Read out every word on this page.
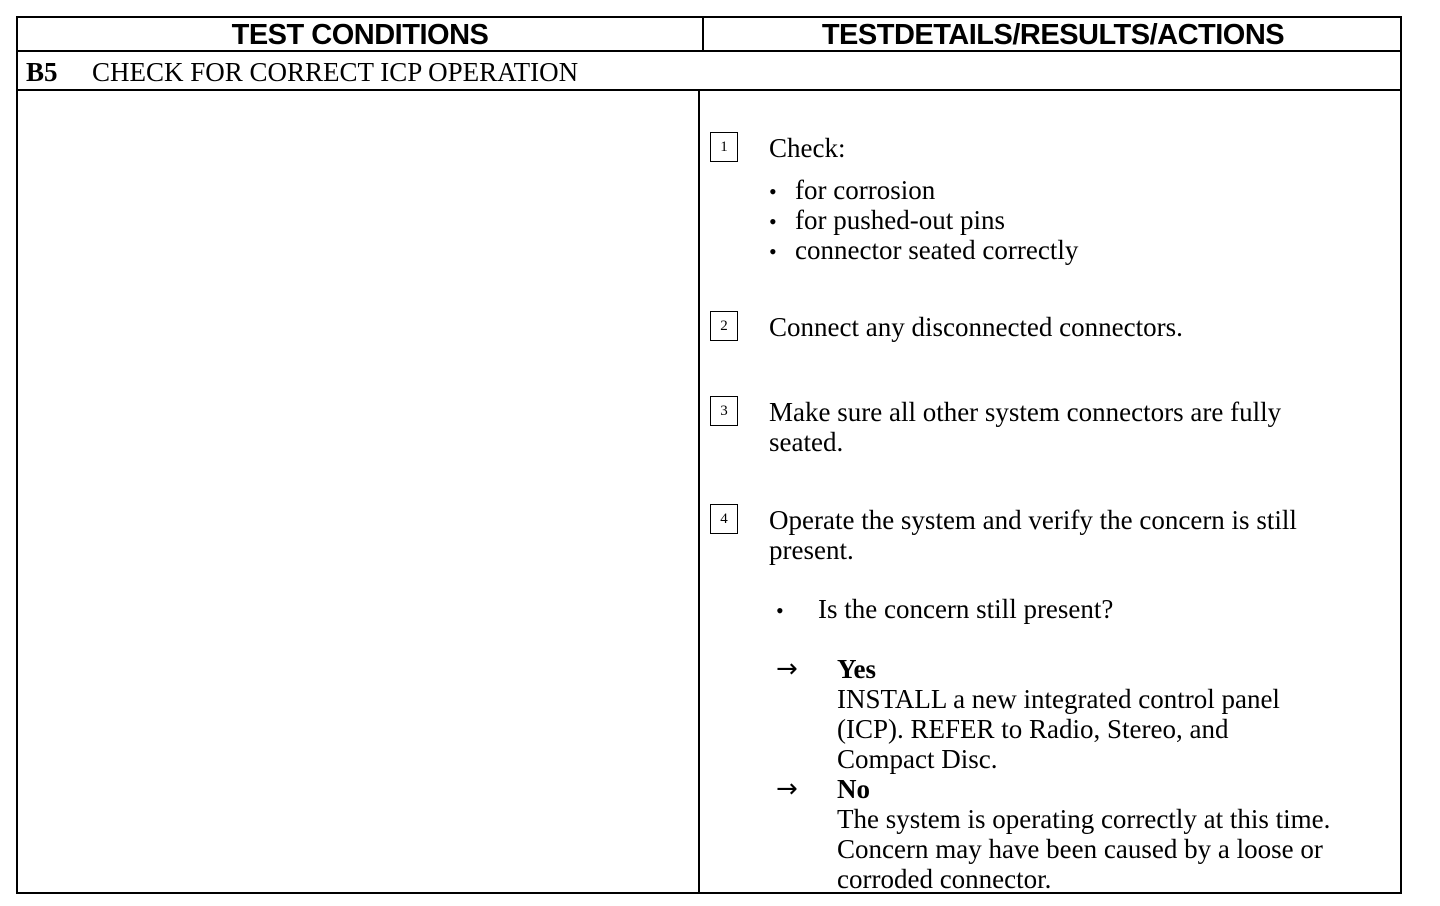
TEST CONDITIONS	TESTDETAILS/RESULTS/ACTIONS
B5	CHECK FOR CORRECT ICP OPERATION
1	Check:
• for corrosion
• for pushed-out pins
• connector seated correctly
2	Connect any disconnected connectors.
3	Make sure all other system connectors are fully
seated.
4	Operate the system and verify the concern is still
present.
•	Is the concern still present?
→ Yes
INSTALL a new integrated control panel
(ICP). REFER to Radio, Stereo, and
Compact Disc.
→ No
The system is operating correctly at this time.
Concern may have been caused by a loose or
corroded connector.
